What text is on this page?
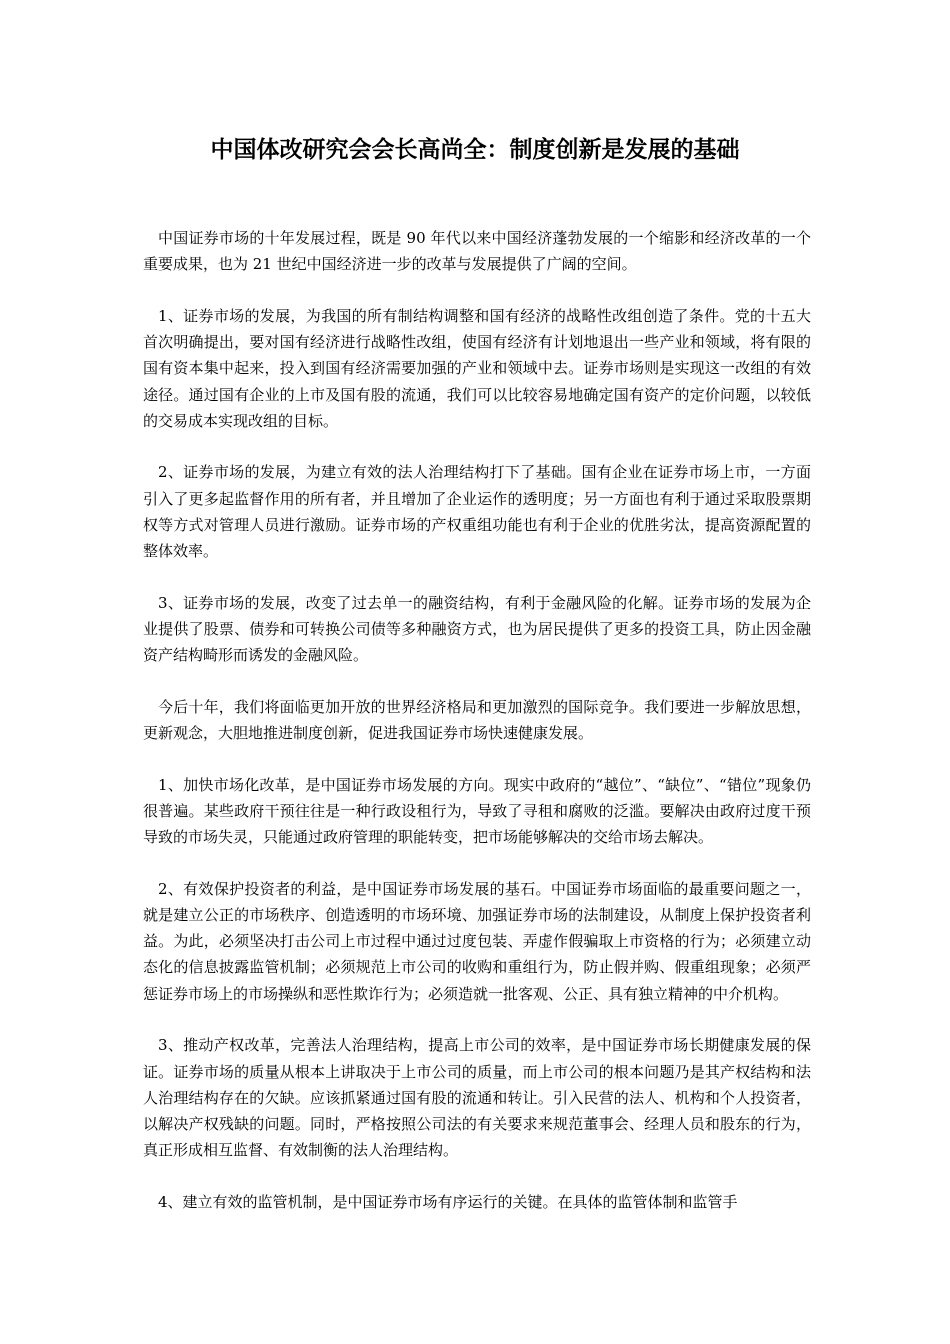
中国体改研究会会长高尚全：制度创新是发展的基础

中国证券市场的十年发展过程，既是 90 年代以来中国经济蓬勃发展的一个缩影和经济改革的一个重要成果，也为 21 世纪中国经济进一步的改革与发展提供了广阔的空间。

1、证券市场的发展，为我国的所有制结构调整和国有经济的战略性改组创造了条件。党的十五大首次明确提出，要对国有经济进行战略性改组，使国有经济有计划地退出一些产业和领域，将有限的国有资本集中起来，投入到国有经济需要加强的产业和领域中去。证券市场则是实现这一改组的有效途径。通过国有企业的上市及国有股的流通，我们可以比较容易地确定国有资产的定价问题，以较低的交易成本实现改组的目标。

2、证券市场的发展，为建立有效的法人治理结构打下了基础。国有企业在证券市场上市，一方面引入了更多起监督作用的所有者，并且增加了企业运作的透明度；另一方面也有利于通过采取股票期权等方式对管理人员进行激励。证券市场的产权重组功能也有利于企业的优胜劣汰，提高资源配置的整体效率。

3、证券市场的发展，改变了过去单一的融资结构，有利于金融风险的化解。证券市场的发展为企业提供了股票、债券和可转换公司债等多种融资方式，也为居民提供了更多的投资工具，防止因金融资产结构畸形而诱发的金融风险。

今后十年，我们将面临更加开放的世界经济格局和更加激烈的国际竞争。我们要进一步解放思想，更新观念，大胆地推进制度创新，促进我国证券市场快速健康发展。

1、加快市场化改革，是中国证券市场发展的方向。现实中政府的“越位”、“缺位”、“错位”现象仍很普遍。某些政府干预往往是一种行政设租行为，导致了寻租和腐败的泛滥。要解决由政府过度干预导致的市场失灵，只能通过政府管理的职能转变，把市场能够解决的交给市场去解决。

2、有效保护投资者的利益，是中国证券市场发展的基石。中国证券市场面临的最重要问题之一，就是建立公正的市场秩序、创造透明的市场环境、加强证券市场的法制建设，从制度上保护投资者利益。为此，必须坚决打击公司上市过程中通过过度包装、弄虚作假骗取上市资格的行为；必须建立动态化的信息披露监管机制；必须规范上市公司的收购和重组行为，防止假并购、假重组现象；必须严惩证券市场上的市场操纵和恶性欺诈行为；必须造就一批客观、公正、具有独立精神的中介机构。

3、推动产权改革，完善法人治理结构，提高上市公司的效率，是中国证券市场长期健康发展的保证。证券市场的质量从根本上讲取决于上市公司的质量，而上市公司的根本问题乃是其产权结构和法人治理结构存在的欠缺。应该抓紧通过国有股的流通和转让。引入民营的法人、机构和个人投资者，以解决产权残缺的问题。同时，严格按照公司法的有关要求来规范董事会、经理人员和股东的行为，真正形成相互监督、有效制衡的法人治理结构。

4、建立有效的监管机制，是中国证券市场有序运行的关键。在具体的监管体制和监管手
